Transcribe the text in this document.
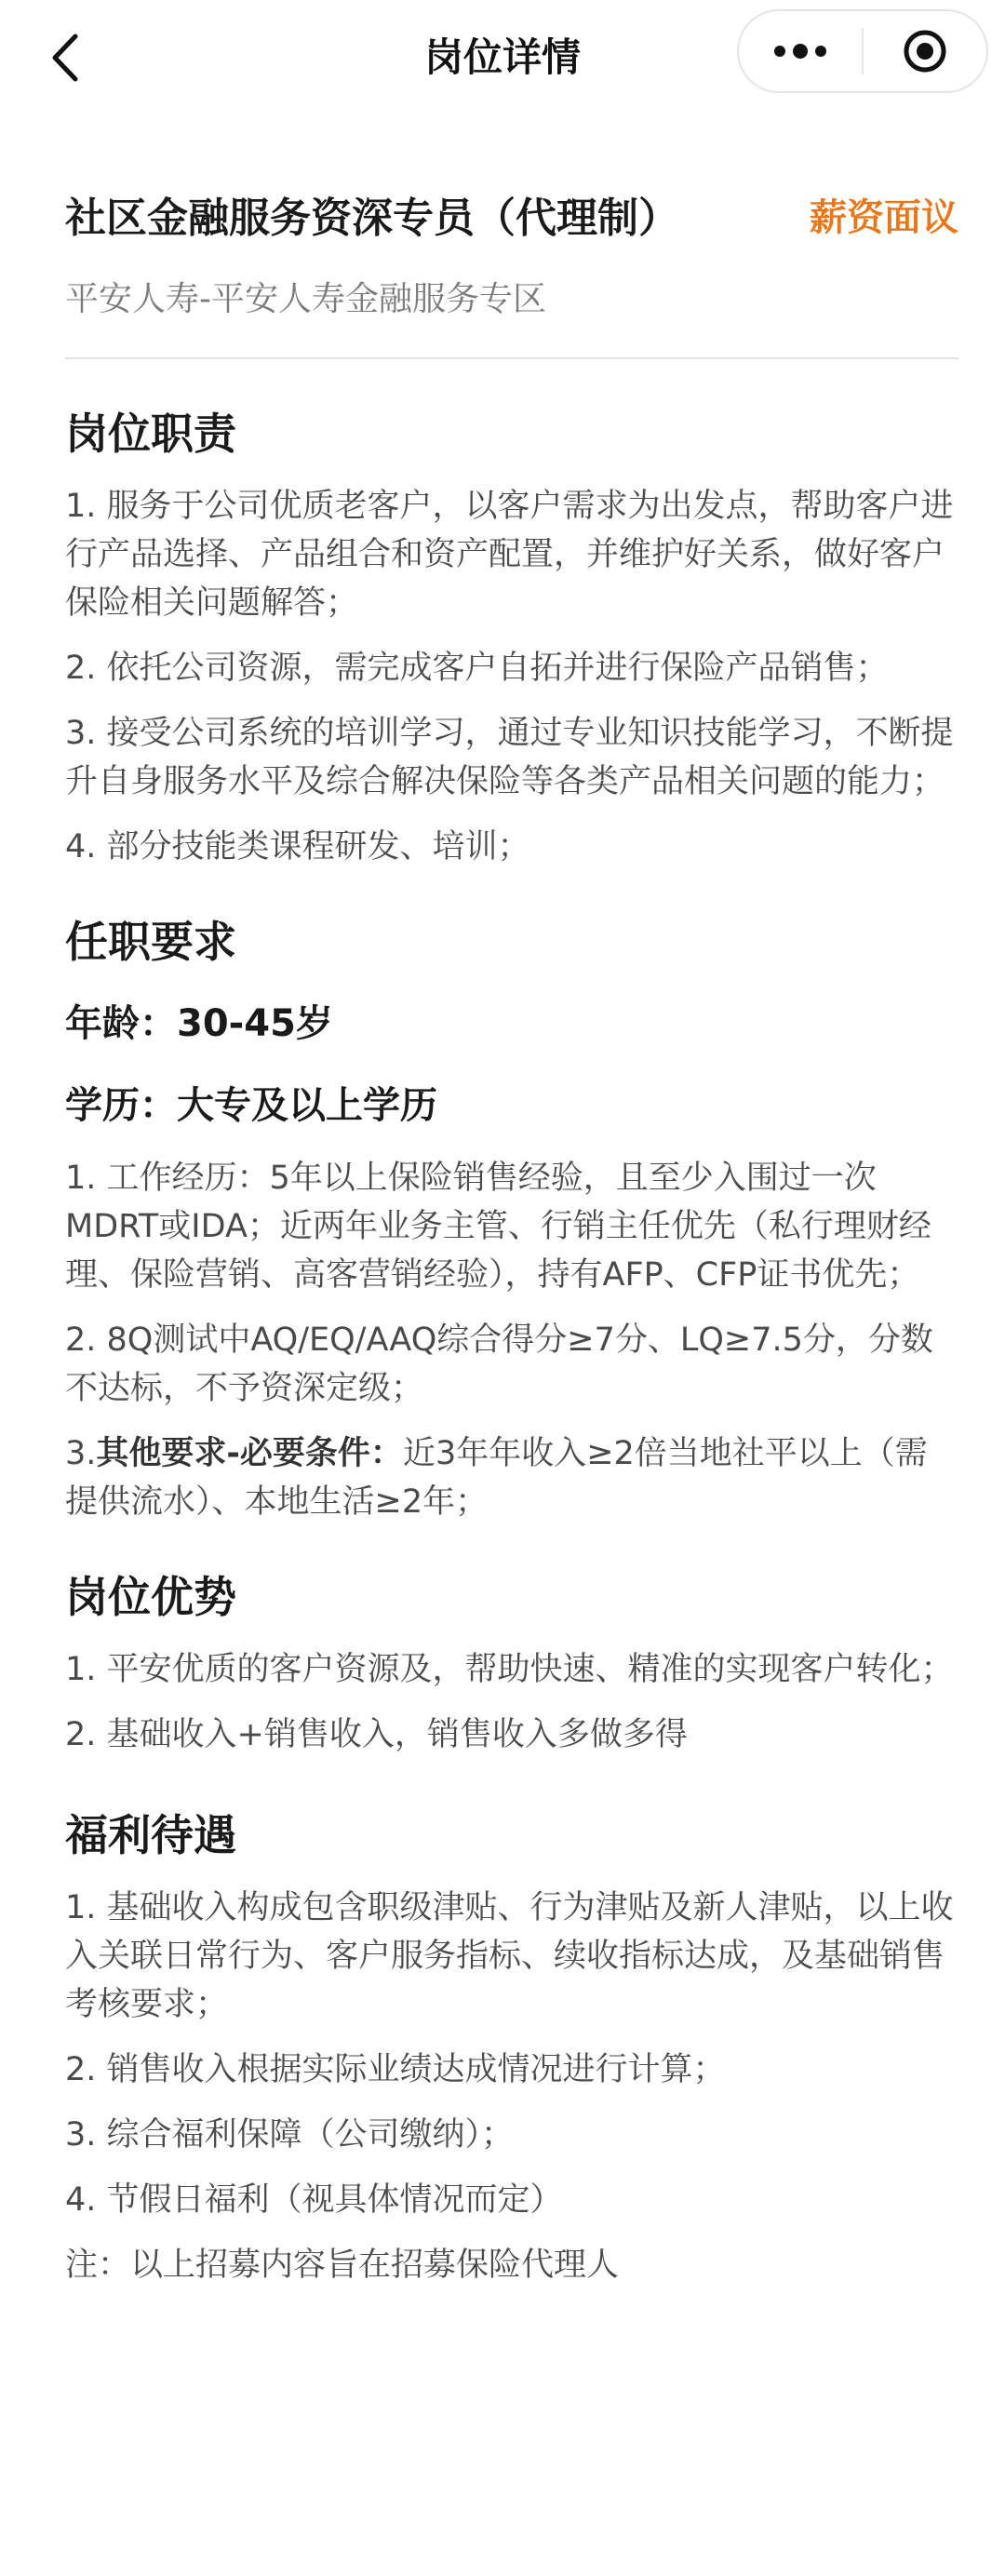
岗位详情
社区金融服务资深专员（代理制）	薪资面议
平安人寿-平安人寿金融服务专区
岗位职责
1. 服务于公司优质老客户，以客户需求为出发点，帮助客户进行产品选择、产品组合和资产配置，并维护好关系，做好客户保险相关问题解答；
2. 依托公司资源，需完成客户自拓并进行保险产品销售；
3. 接受公司系统的培训学习，通过专业知识技能学习，不断提升自身服务水平及综合解决保险等各类产品相关问题的能力；
4. 部分技能类课程研发、培训；
任职要求
年龄：30-45岁
学历：大专及以上学历
1. 工作经历：5年以上保险销售经验，且至少入围过一次MDRT或IDA；近两年业务主管、行销主任优先（私行理财经理、保险营销、高客营销经验），持有AFP、CFP证书优先；
2. 8Q测试中AQ/EQ/AAQ综合得分≥7分、LQ≥7.5分，分数不达标，不予资深定级；
3.其他要求-必要条件：近3年年收入≥2倍当地社平以上（需提供流水）、本地生活≥2年；
岗位优势
1. 平安优质的客户资源及，帮助快速、精准的实现客户转化；
2. 基础收入+销售收入，销售收入多做多得
福利待遇
1. 基础收入构成包含职级津贴、行为津贴及新人津贴，以上收入关联日常行为、客户服务指标、续收指标达成，及基础销售考核要求；
2. 销售收入根据实际业绩达成情况进行计算；
3. 综合福利保障（公司缴纳）；
4. 节假日福利（视具体情况而定）
注：以上招募内容旨在招募保险代理人
